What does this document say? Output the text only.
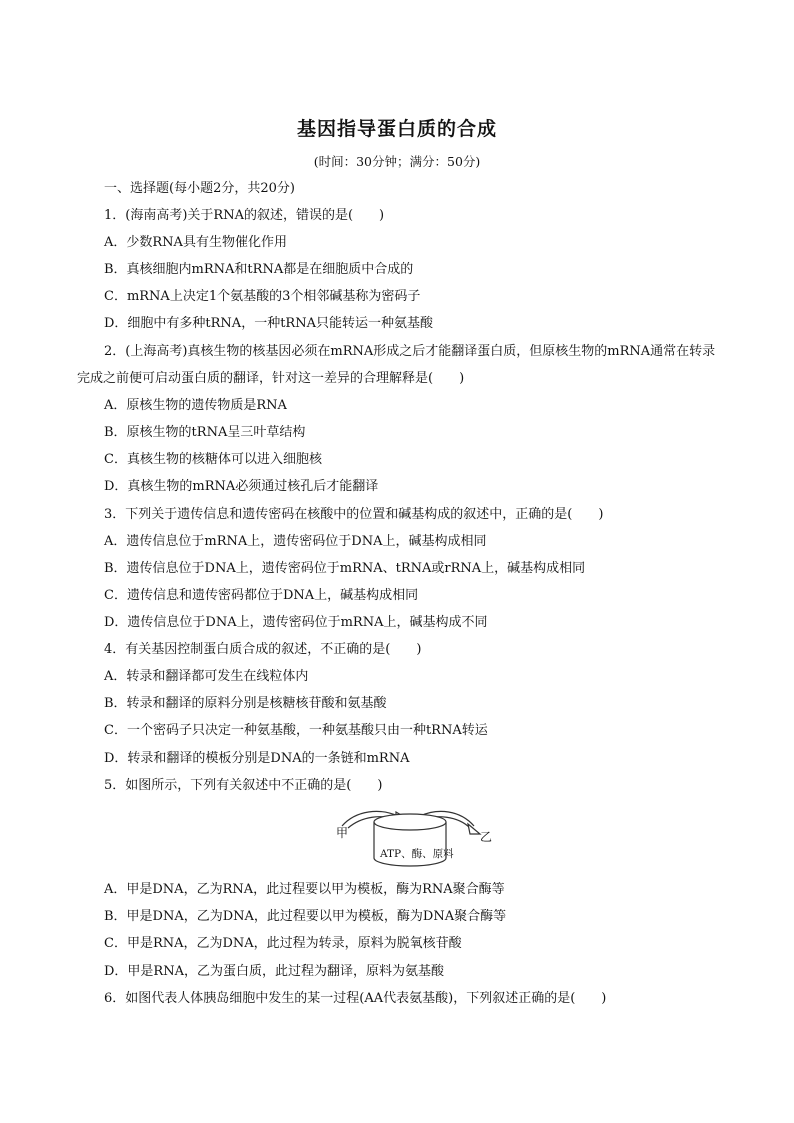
基因指导蛋白质的合成
(时间：30分钟；满分：50分)
一、选择题(每小题2分，共20分)
1．(海南高考)关于RNA的叙述，错误的是(　　)
A．少数RNA具有生物催化作用
B．真核细胞内mRNA和tRNA都是在细胞质中合成的
C．mRNA上决定1个氨基酸的3个相邻碱基称为密码子
D．细胞中有多种tRNA，一种tRNA只能转运一种氨基酸
2．(上海高考)真核生物的核基因必须在mRNA形成之后才能翻译蛋白质，但原核生物的mRNA通常在转录完成之前便可启动蛋白质的翻译，针对这一差异的合理解释是(　　)
A．原核生物的遗传物质是RNA
B．原核生物的tRNA呈三叶草结构
C．真核生物的核糖体可以进入细胞核
D．真核生物的mRNA必须通过核孔后才能翻译
3．下列关于遗传信息和遗传密码在核酸中的位置和碱基构成的叙述中，正确的是(　　)
A．遗传信息位于mRNA上，遗传密码位于DNA上，碱基构成相同
B．遗传信息位于DNA上，遗传密码位于mRNA、tRNA或rRNA上，碱基构成相同
C．遗传信息和遗传密码都位于DNA上，碱基构成相同
D．遗传信息位于DNA上，遗传密码位于mRNA上，碱基构成不同
4．有关基因控制蛋白质合成的叙述，不正确的是(　　)
A．转录和翻译都可发生在线粒体内
B．转录和翻译的原料分别是核糖核苷酸和氨基酸
C．一个密码子只决定一种氨基酸，一种氨基酸只由一种tRNA转运
D．转录和翻译的模板分别是DNA的一条链和mRNA
5．如图所示，下列有关叙述中不正确的是(　　)
甲	乙
ATP、酶、原料
A．甲是DNA，乙为RNA，此过程要以甲为模板，酶为RNA聚合酶等
B．甲是DNA，乙为DNA，此过程要以甲为模板，酶为DNA聚合酶等
C．甲是RNA，乙为DNA，此过程为转录，原料为脱氧核苷酸
D．甲是RNA，乙为蛋白质，此过程为翻译，原料为氨基酸
6．如图代表人体胰岛细胞中发生的某一过程(AA代表氨基酸)，下列叙述正确的是(　　)
